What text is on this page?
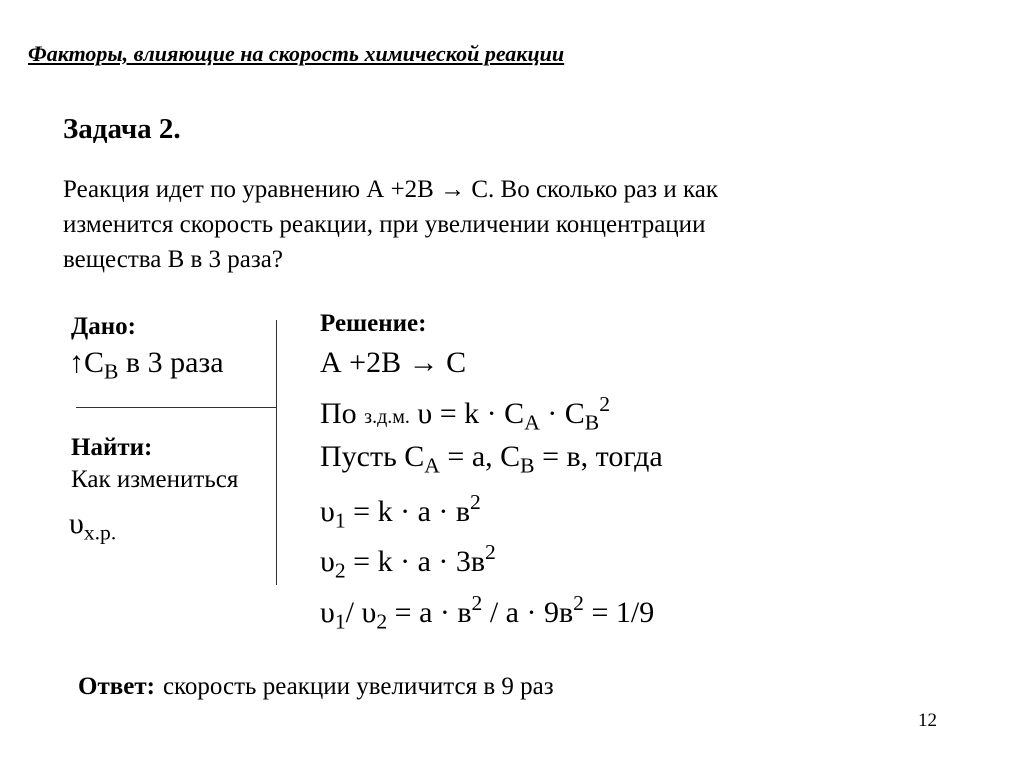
Факторы, влияющие на скорость химической реакции
Задача 2.
Реакция идет по уравнению А +2В → С. Во сколько раз и как
изменится скорость реакции, при увеличении концентрации
вещества В в 3 раза?
Дано:
$↑C_B$ в 3 раза
Найти:
Как измениться
$\upsilon_{х.р.}$
Решение:
А +2В → С
По з.д.м. $\upsilon = k \cdot C_A \cdot C_B^2$
Пусть $C_A = а$, $C_B = в$, тогда
$\upsilon_1 = k \cdot а \cdot в^2$
$\upsilon_2 = k \cdot а \cdot 3в^2$
$\upsilon_1/$ $\upsilon_2 = а \cdot в^2 / а \cdot 9в^2 = 1/9$
Ответ: скорость реакции увеличится в 9 раз
12
